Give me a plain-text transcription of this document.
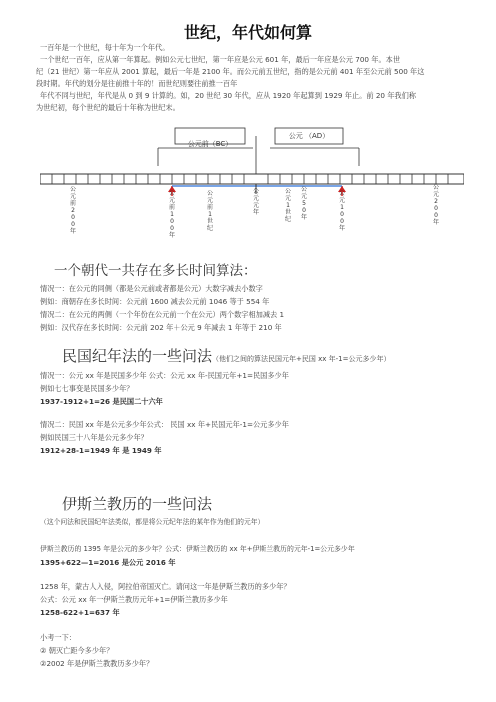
世纪，年代如何算
一百年是一个世纪，每十年为一个年代。
一个世纪一百年，应从第一年算起。例如公元七世纪，第一年应是公元 601 年，最后一年应是公元 700 年。本世
纪（21 世纪）第一年应从 2001 算起，最后一年是 2100 年。而公元前五世纪，指的是公元前 401 年至公元前 500 年这
段时期。年代的划分是往前推十年的！而世纪则要往前推一百年
年代不同与世纪，年代是从 0 到 9 计算的。如，20 世纪 30 年代，应从 1920 年起算到 1929 年止。前 20 年我们称
为世纪初，每个世纪的最后十年称为世纪末。
公元前（BC）
公元 （AD）
公
元
前
2
0
0
年
公
元
前
1
0
0
年
公
元
前
1
世
纪
公
元
元
年
公
元
1
世
纪
公
元
5
0
年
公
元
1
0
0
年
公
元
2
0
0
年
一个朝代一共存在多长时间算法：
情况一：在公元的同侧（都是公元前或者都是公元）大数字减去小数字
例如：商朝存在多长时间：公元前 1600 减去公元前 1046 等于 554 年
情况二：在公元的两侧（一个年份在公元前一个在公元）两个数字相加减去 1
例如：汉代存在多长时间：公元前 202 年＋公元 9 年减去 1 年等于 210 年
民国纪年法的一些问法（他们之间的算法民国元年+民国 xx 年-1=公元多少年）
情况一：公元 xx 年是民国多少年 公式：公元 xx 年-民国元年+1=民国多少年
例如七七事变是民国多少年？
1937-1912+1=26 是民国二十六年
情况二：民国 xx 年是公元多少年公式： 民国 xx 年+民国元年-1=公元多少年
例如民国三十八年是公元多少年？
1912+28-1=1949 年 是 1949 年
伊斯兰教历的一些问法
（这个问法和民国纪年法类似，都是将公元纪年法的某年作为他们的元年）
伊斯兰教历的 1395 年是公元的多少年？公式：伊斯兰教历的 xx 年+伊斯兰教历的元年-1=公元多少年
1395+622—1=2016 是公元 2016 年
1258 年，蒙古人入侵，阿拉伯帝国灭亡。请问这一年是伊斯兰教历的多少年？
公式：公元 xx 年一伊斯兰教历元年+1=伊斯兰教历多少年
1258-622+1=637 年
小考一下：
② 朝灭亡距今多少年？
②2002 年是伊斯兰教教历多少年？
